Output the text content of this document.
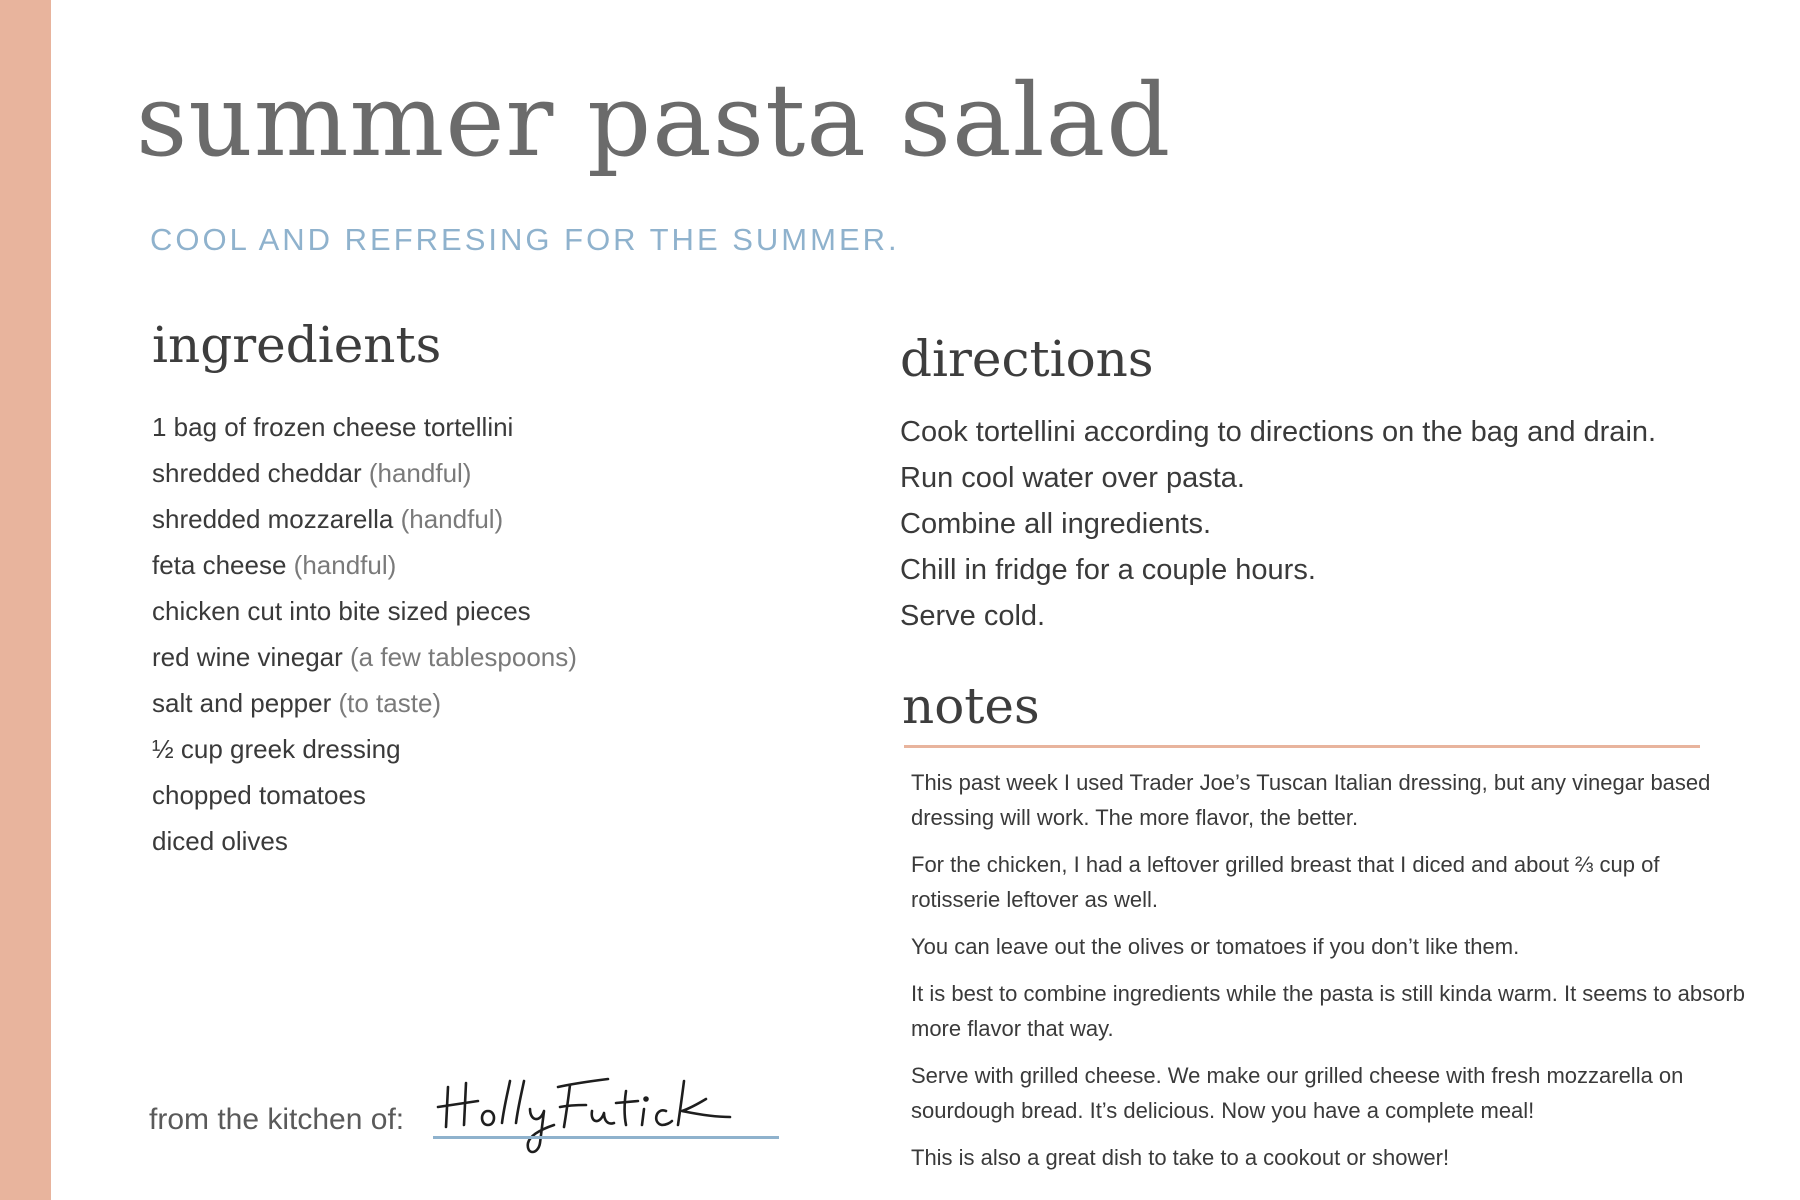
summer pasta salad
COOL AND REFRESING FOR THE SUMMER.
ingredients
1 bag of frozen cheese tortellini
shredded cheddar (handful)
shredded mozzarella (handful)
feta cheese (handful)
chicken cut into bite sized pieces
red wine vinegar (a few tablespoons)
salt and pepper (to taste)
½ cup greek dressing
chopped tomatoes
diced olives
directions
Cook tortellini according to directions on the bag and drain.
Run cool water over pasta.
Combine all ingredients.
Chill in fridge for a couple hours.
Serve cold.
notes
This past week I used Trader Joe’s Tuscan Italian dressing, but any vinegar based dressing will work. The more flavor, the better.
For the chicken, I had a leftover grilled breast that I diced and about ⅔ cup of rotisserie leftover as well.
You can leave out the olives or tomatoes if you don’t like them.
It is best to combine ingredients while the pasta is still kinda warm. It seems to absorb more flavor that way.
Serve with grilled cheese. We make our grilled cheese with fresh mozzarella on sourdough bread. It’s delicious. Now you have a complete meal!
This is also a great dish to take to a cookout or shower!
from the kitchen of:
